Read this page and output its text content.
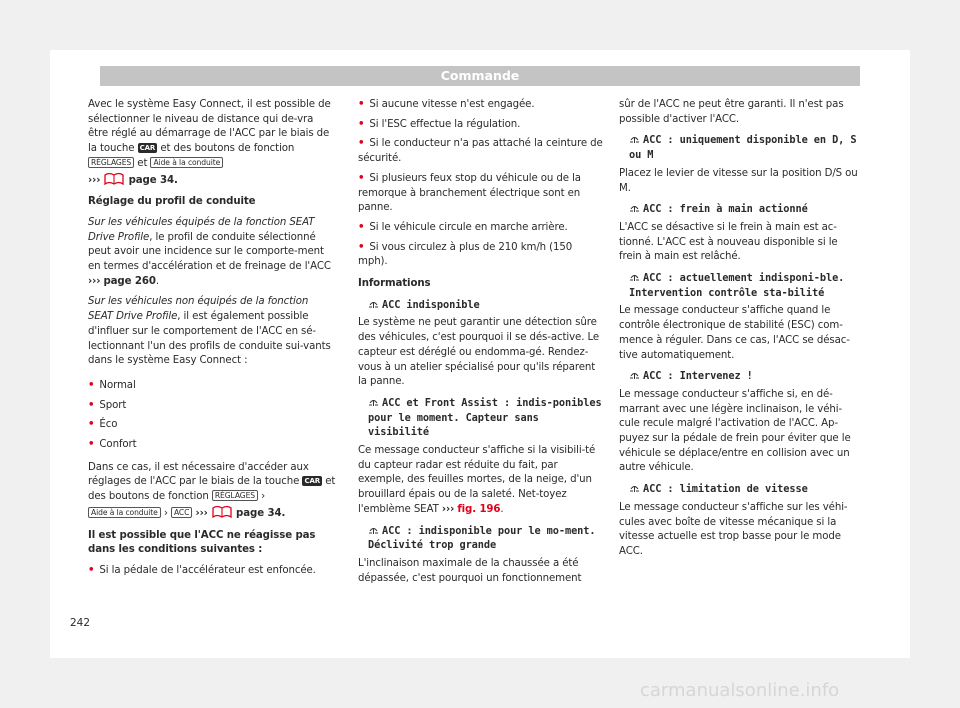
Commande

Avec le système Easy Connect, il est possible de sélectionner le niveau de distance qui de-vra être réglé au démarrage de l'ACC par le biais de la touche CAR et des boutons de fonction RÉGLAGES et Aide à la conduite
›››	page 34.

Réglage du profil de conduite

Sur les véhicules équipés de la fonction SEAT Drive Profile, le profil de conduite sélectionné peut avoir une incidence sur le comporte-ment en termes d'accélération et de freinage de l'ACC ››› page 260.

Sur les véhicules non équipés de la fonction SEAT Drive Profile, il est également possible d'influer sur le comportement de l'ACC en sé-lectionnant l'un des profils de conduite sui-vants dans le système Easy Connect :

• Normal

• Sport

• Éco

• Confort

Dans ce cas, il est nécessaire d'accéder aux réglages de l'ACC par le biais de la touche CAR et des boutons de fonction RÉGLAGES › Aide à la conduite › ACC ›››	page 34.

Il est possible que l'ACC ne réagisse pas dans les conditions suivantes :

• Si la pédale de l'accélérateur est enfoncée.

• Si aucune vitesse n'est engagée.

• Si l'ESC effectue la régulation.

• Si le conducteur n'a pas attaché la ceinture de sécurité.

• Si plusieurs feux stop du véhicule ou de la remorque à branchement électrique sont en panne.

• Si le véhicule circule en marche arrière.

• Si vous circulez à plus de 210 km/h (150 mph).

Informations

ACC indisponible

Le système ne peut garantir une détection sûre des véhicules, c'est pourquoi il se dés-active. Le capteur est déréglé ou endomma-gé. Rendez-vous à un atelier spécialisé pour qu'ils réparent la panne.

ACC et Front Assist : indis-ponibles pour le moment. Capteur sans visibilité

Ce message conducteur s'affiche si la visibili-té du capteur radar est réduite du fait, par exemple, des feuilles mortes, de la neige, d'un brouillard épais ou de la saleté. Net-toyez l'emblème SEAT ››› fig. 196.

ACC : indisponible pour le mo-ment. Déclivité trop grande

L'inclinaison maximale de la chaussée a été dépassée, c'est pourquoi un fonctionnement

sûr de l'ACC ne peut être garanti. Il n'est pas possible d'activer l'ACC.

ACC : uniquement disponible en D, S ou M

Placez le levier de vitesse sur la position D/S ou M.

ACC : frein à main actionné

L'ACC se désactive si le frein à main est ac-tionné. L'ACC est à nouveau disponible si le frein à main est relâché.

ACC : actuellement indisponi-ble. Intervention contrôle sta-bilité

Le message conducteur s'affiche quand le contrôle électronique de stabilité (ESC) com-mence à réguler. Dans ce cas, l'ACC se désac-tive automatiquement.

ACC : Intervenez !

Le message conducteur s'affiche si, en dé-marrant avec une légère inclinaison, le véhi-cule recule malgré l'activation de l'ACC. Ap-puyez sur la pédale de frein pour éviter que le véhicule se déplace/entre en collision avec un autre véhicule.

ACC : limitation de vitesse

Le message conducteur s'affiche sur les véhi-cules avec boîte de vitesse mécanique si la vitesse actuelle est trop basse pour le mode ACC.

242
carmanualsonline.info
